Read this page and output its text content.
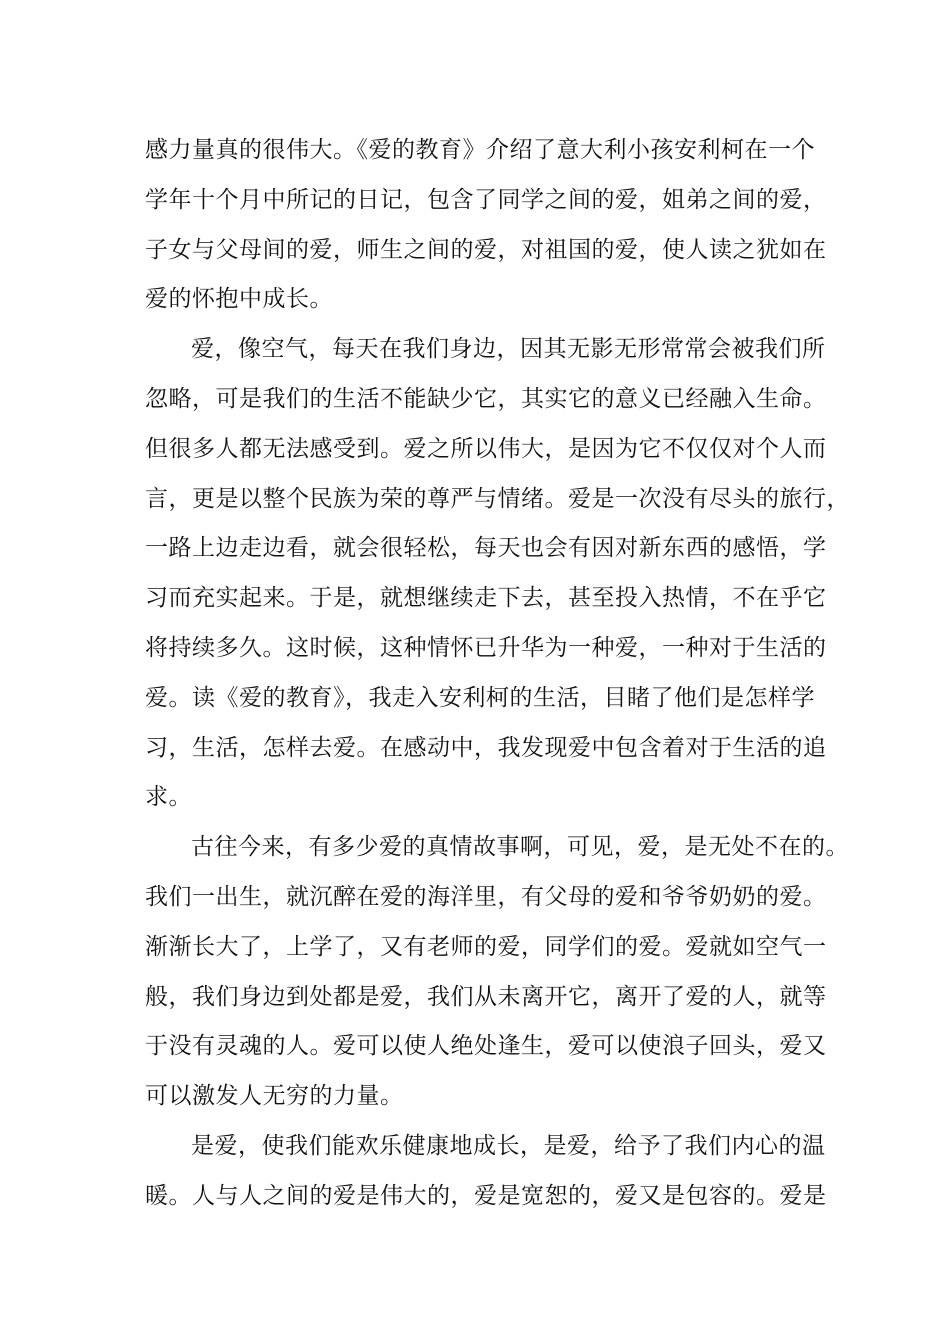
感力量真的很伟大。《爱的教育》介绍了意大利小孩安利柯在一个
学年十个月中所记的日记，包含了同学之间的爱，姐弟之间的爱，
子女与父母间的爱，师生之间的爱，对祖国的爱，使人读之犹如在
爱的怀抱中成长。
爱，像空气，每天在我们身边，因其无影无形常常会被我们所
忽略，可是我们的生活不能缺少它，其实它的意义已经融入生命。
但很多人都无法感受到。爱之所以伟大，是因为它不仅仅对个人而
言，更是以整个民族为荣的尊严与情绪。爱是一次没有尽头的旅行，
一路上边走边看，就会很轻松，每天也会有因对新东西的感悟，学
习而充实起来。于是，就想继续走下去，甚至投入热情，不在乎它
将持续多久。这时候，这种情怀已升华为一种爱，一种对于生活的
爱。读《爱的教育》，我走入安利柯的生活，目睹了他们是怎样学
习，生活，怎样去爱。在感动中，我发现爱中包含着对于生活的追
求。
古往今来，有多少爱的真情故事啊，可见，爱，是无处不在的。
我们一出生，就沉醉在爱的海洋里，有父母的爱和爷爷奶奶的爱。
渐渐长大了，上学了，又有老师的爱，同学们的爱。爱就如空气一
般，我们身边到处都是爱，我们从未离开它，离开了爱的人，就等
于没有灵魂的人。爱可以使人绝处逢生，爱可以使浪子回头，爱又
可以激发人无穷的力量。
是爱，使我们能欢乐健康地成长，是爱，给予了我们内心的温
暖。人与人之间的爱是伟大的，爱是宽恕的，爱又是包容的。爱是
